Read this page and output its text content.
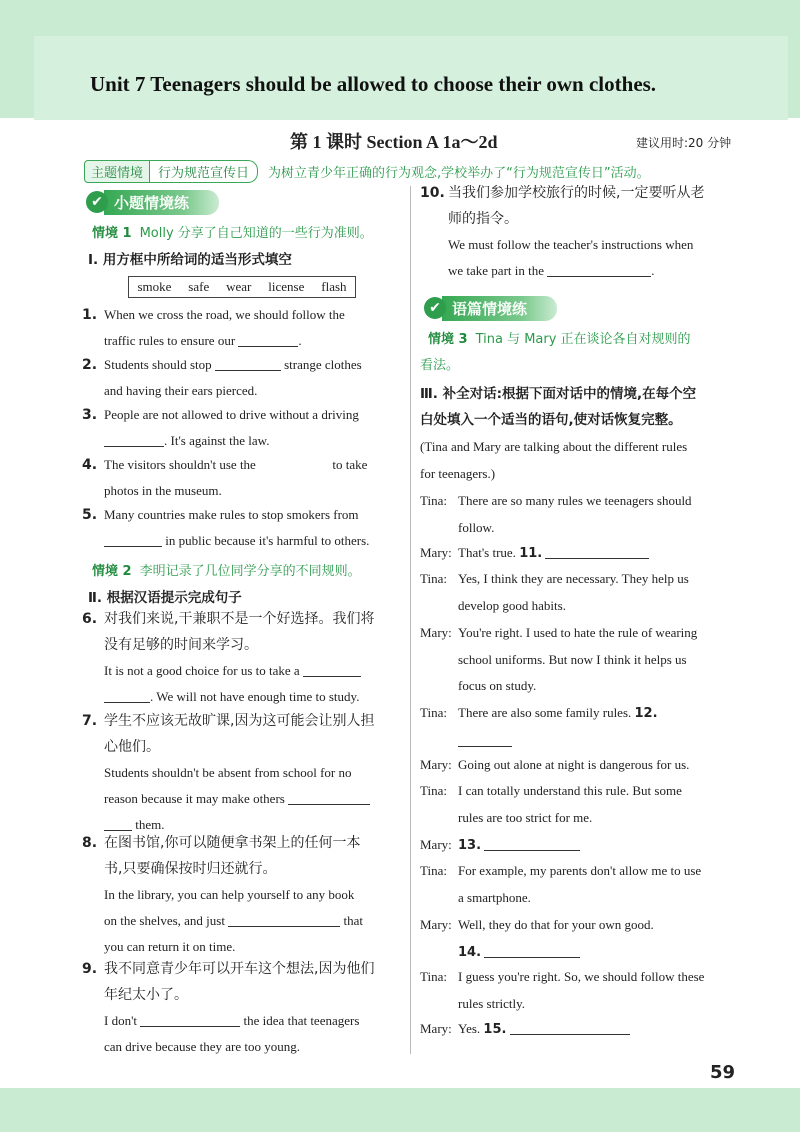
Unit 7 Teenagers should be allowed to choose their own clothes.
第 1 课时 Section A 1a～2d	建议用时:20 分钟
主题情境	行为规范宣传日	为树立青少年正确的行为观念,学校举办了“行为规范宣传日”活动。
✔ 小题情境练
情境 1 Molly 分享了自己知道的一些行为准则。
Ⅰ. 用方框中所给词的适当形式填空
smoke safe wear license flash
1. When we cross the road, we should follow the
traffic rules to ensure our	.
2. Students should stop	strange clothes
and having their ears pierced.
3. People are not allowed to drive without a driving
. It's against the law.
4. The visitors shouldn't use the	to take
photos in the museum.
5. Many countries make rules to stop smokers from
in public because it's harmful to others.
情境 2 李明记录了几位同学分享的不同规则。
Ⅱ. 根据汉语提示完成句子
6. 对我们来说,干兼职不是一个好选择。我们将
没有足够的时间来学习。
It is not a good choice for us to take a
. We will not have enough time to study.
7. 学生不应该无故旷课,因为这可能会让别人担
心他们。
Students shouldn't be absent from school for no
reason because it may make others
them.
8. 在图书馆,你可以随便拿书架上的任何一本
书,只要确保按时归还就行。
In the library, you can help yourself to any book
on the shelves, and just	that
you can return it on time.
9. 我不同意青少年可以开车这个想法,因为他们
年纪太小了。
I don't	the idea that teenagers
can drive because they are too young.
10. 当我们参加学校旅行的时候,一定要听从老
师的指令。
We must follow the teacher's instructions when
we take part in the	.
✔ 语篇情境练
情境 3 Tina 与 Mary 正在谈论各自对规则的
看法。
Ⅲ. 补全对话:根据下面对话中的情境,在每个空
白处填入一个适当的语句,使对话恢复完整。
(Tina and Mary are talking about the different rules
for teenagers.)
Tina: There are so many rules we teenagers should
follow.
Mary: That's true. 11.
Tina: Yes, I think they are necessary. They help us
develop good habits.
Mary: You're right. I used to hate the rule of wearing
school uniforms. But now I think it helps us
focus on study.
Tina: There are also some family rules. 12.
Mary: Going out alone at night is dangerous for us.
Tina: I can totally understand this rule. But some
rules are too strict for me.
Mary: 13.
Tina: For example, my parents don't allow me to use
a smartphone.
Mary: Well, they do that for your own good.
14.
Tina: I guess you're right. So, we should follow these
rules strictly.
Mary: Yes. 15.
59
